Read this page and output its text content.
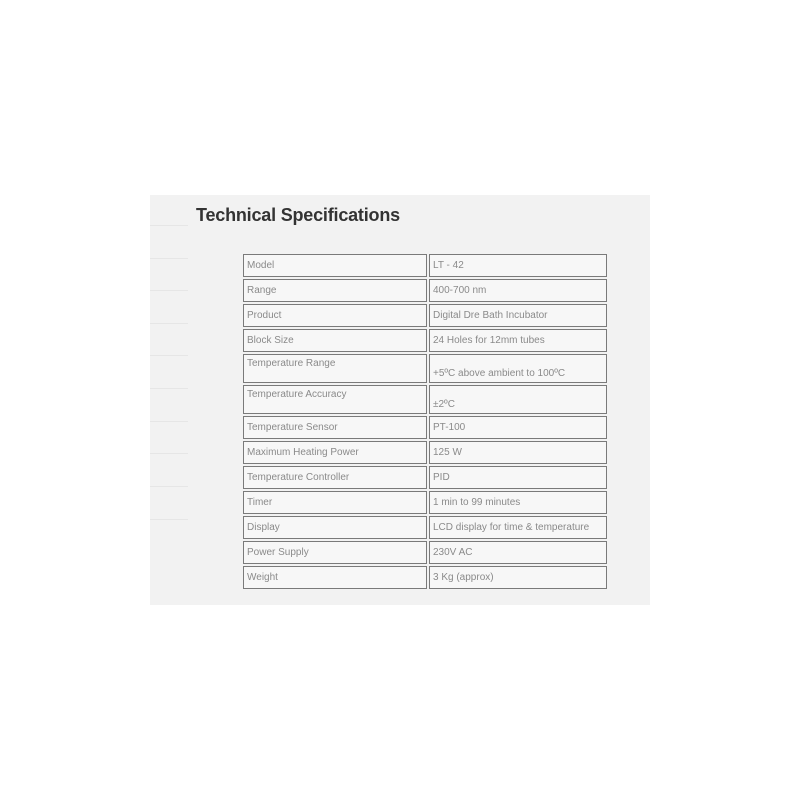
Technical Specifications
Model	LT - 42
Range	400-700 nm
Product	Digital Dre Bath Incubator
Block Size	24 Holes for 12mm tubes
Temperature Range	+5ºC above ambient to 100ºC
Temperature Accuracy	±2ºC
Temperature Sensor	PT-100
Maximum Heating Power	125 W
Temperature Controller	PID
Timer	1 min to 99 minutes
Display	LCD display for time & temperature
Power Supply	230V AC
Weight	3 Kg (approx)
